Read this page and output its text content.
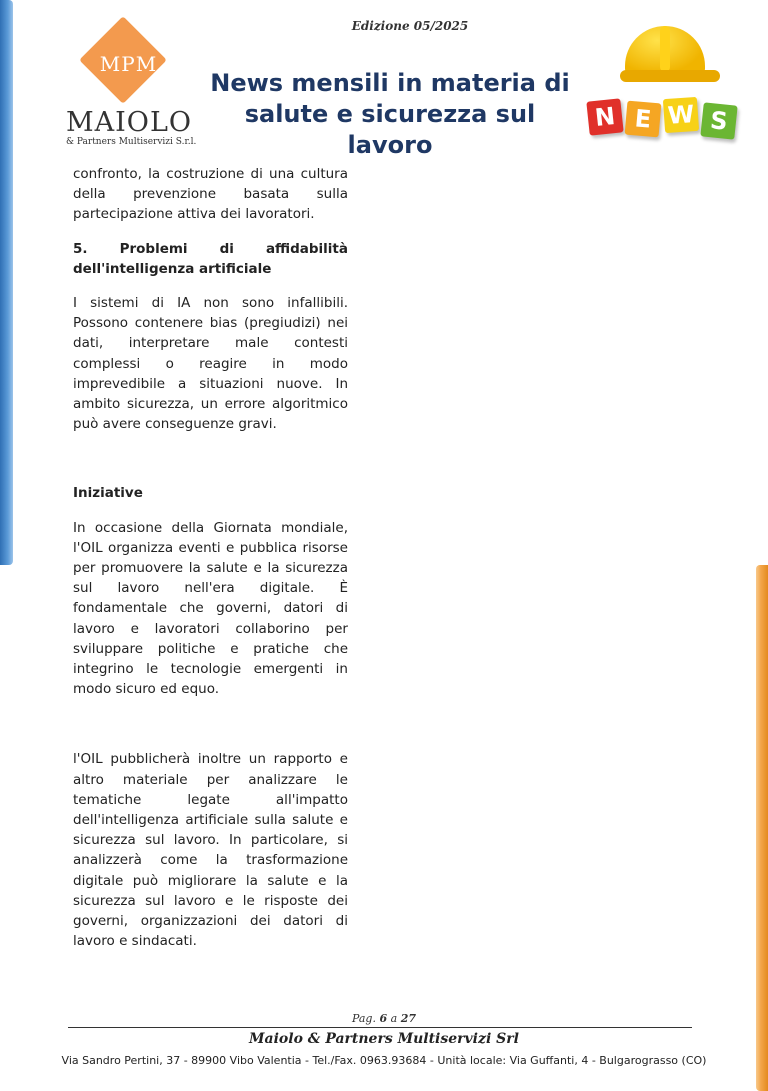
Edizione 05/2025
MPM
MAIOLO
& Partners Multiservizi S.r.l.
News mensili in materia di
salute e sicurezza sul lavoro
N E W S

confronto, la costruzione di una cultura della prevenzione basata sulla partecipazione attiva dei lavoratori.

5. Problemi di affidabilità dell'intelligenza artificiale

I sistemi di IA non sono infallibili. Possono contenere bias (pregiudizi) nei dati, interpretare male contesti complessi o reagire in modo imprevedibile a situazioni nuove. In ambito sicurezza, un errore algoritmico può avere conseguenze gravi.

Iniziative

In occasione della Giornata mondiale, l'OIL organizza eventi e pubblica risorse per promuovere la salute e la sicurezza sul lavoro nell'era digitale. È fondamentale che governi, datori di lavoro e lavoratori collaborino per sviluppare politiche e pratiche che integrino le tecnologie emergenti in modo sicuro ed equo.

l'OIL pubblicherà inoltre un rapporto e altro materiale per analizzare le tematiche legate all'impatto dell'intelligenza artificiale sulla salute e sicurezza sul lavoro. In particolare, si analizzerà come la trasformazione digitale può migliorare la salute e la sicurezza sul lavoro e le risposte dei governi, organizzazioni dei datori di lavoro e sindacati.

Pag. 6 a 27
Maiolo & Partners Multiservizi Srl
Via Sandro Pertini, 37 - 89900 Vibo Valentia - Tel./Fax. 0963.93684 - Unità locale: Via Guffanti, 4 - Bulgarograsso (CO)
